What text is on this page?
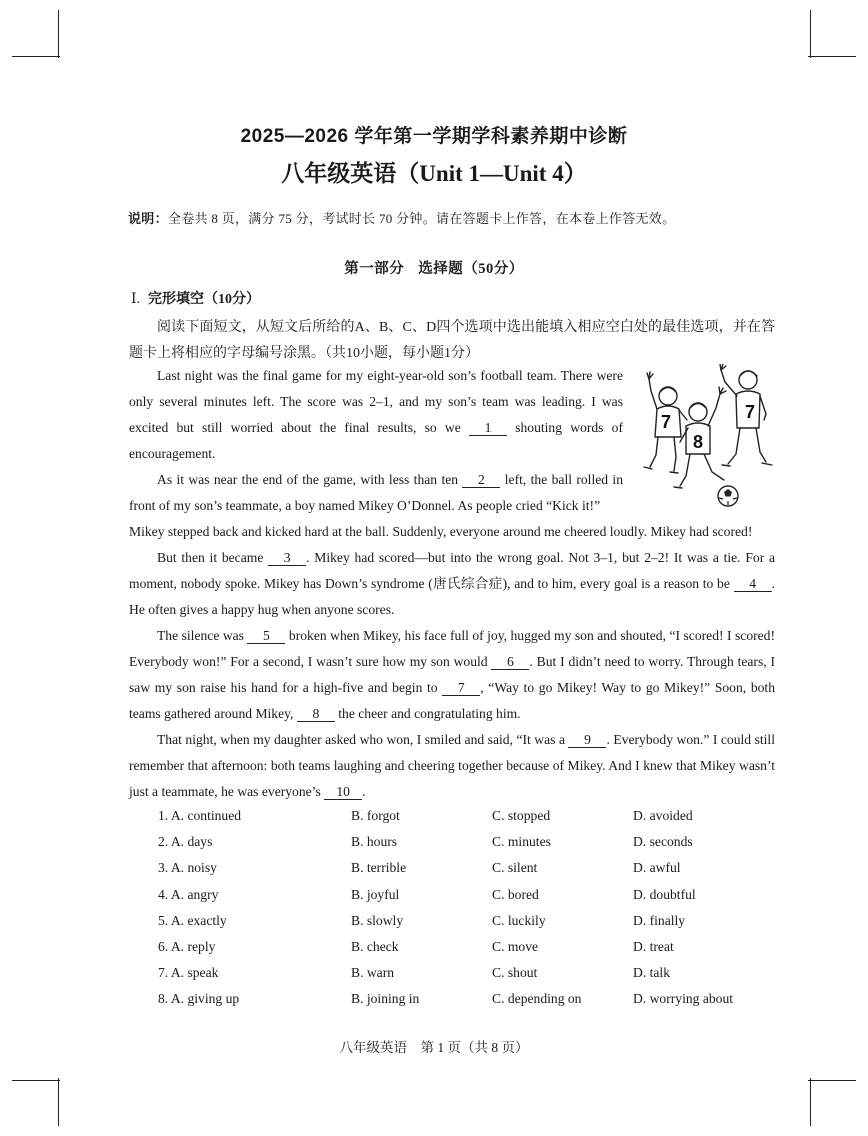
2025—2026 学年第一学期学科素养期中诊断
八年级英语（Unit 1—Unit 4）
说明：全卷共 8 页，满分 75 分，考试时长 70 分钟。请在答题卡上作答，在本卷上作答无效。
第一部分 选择题（50分）
Ⅰ. 完形填空（10分）
阅读下面短文，从短文后所给的A、B、C、D四个选项中选出能填入相应空白处的最佳选项，并在答题卡上将相应的字母编号涂黑。（共10小题，每小题1分）

Last night was the final game for my eight-year-old son’s football team. There were only several minutes left. The score was 2–1, and my son’s team was leading. I was excited but still worried about the final results, so we 1 shouting words of encouragement.

As it was near the end of the game, with less than ten 2 left, the ball rolled in front of my son’s teammate, a boy named Mikey O’Donnel. As people cried “Kick it!”

7
8
7

Mikey stepped back and kicked hard at the ball. Suddenly, everyone around me cheered loudly. Mikey had scored!

But then it became 3 . Mikey had scored—but into the wrong goal. Not 3–1, but 2–2! It was a tie. For a moment, nobody spoke. Mikey has Down’s syndrome (唐氏综合症), and to him, every goal is a reason to be 4 . He often gives a happy hug when anyone scores.

The silence was 5 broken when Mikey, his face full of joy, hugged my son and shouted, “I scored! I scored! Everybody won!” For a second, I wasn’t sure how my son would 6 . But I didn’t need to worry. Through tears, I saw my son raise his hand for a high-five and begin to 7 , “Way to go Mikey! Way to go Mikey!” Soon, both teams gathered around Mikey, 8 the cheer and congratulating him.

That night, when my daughter asked who won, I smiled and said, “It was a 9 . Everybody won.” I could still remember that afternoon: both teams laughing and cheering together because of Mikey. And I knew that Mikey wasn’t just a teammate, he was everyone’s 10 .

1. A. continued	B. forgot	C. stopped	D. avoided
2. A. days	B. hours	C. minutes	D. seconds
3. A. noisy	B. terrible	C. silent	D. awful
4. A. angry	B. joyful	C. bored	D. doubtful
5. A. exactly	B. slowly	C. luckily	D. finally
6. A. reply	B. check	C. move	D. treat
7. A. speak	B. warn	C. shout	D. talk
8. A. giving up	B. joining in	C. depending on	D. worrying about
八年级英语　第 1 页（共 8 页）
